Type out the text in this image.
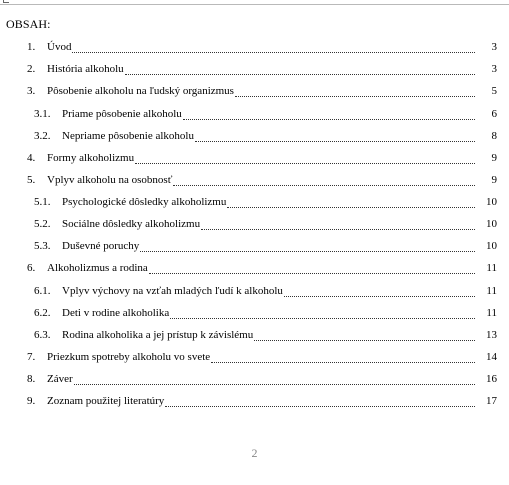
OBSAH:
1. Úvod	3
2. História alkoholu	3
3. Pôsobenie alkoholu na ľudský organizmus	5
3.1. Priame pôsobenie alkoholu	6
3.2. Nepriame pôsobenie alkoholu	8
4. Formy alkoholizmu	9
5. Vplyv alkoholu na osobnosť	9
5.1. Psychologické dôsledky alkoholizmu	10
5.2. Sociálne dôsledky alkoholizmu	10
5.3. Duševné poruchy	10
6. Alkoholizmus a rodina	11
6.1. Vplyv výchovy na vzťah mladých ľudí k alkoholu	11
6.2. Deti v rodine alkoholika	11
6.3. Rodina alkoholika a jej prístup k závislému	13
7. Priezkum spotreby alkoholu vo svete	14
8. Záver	16
9. Zoznam použitej literatúry	17
2
